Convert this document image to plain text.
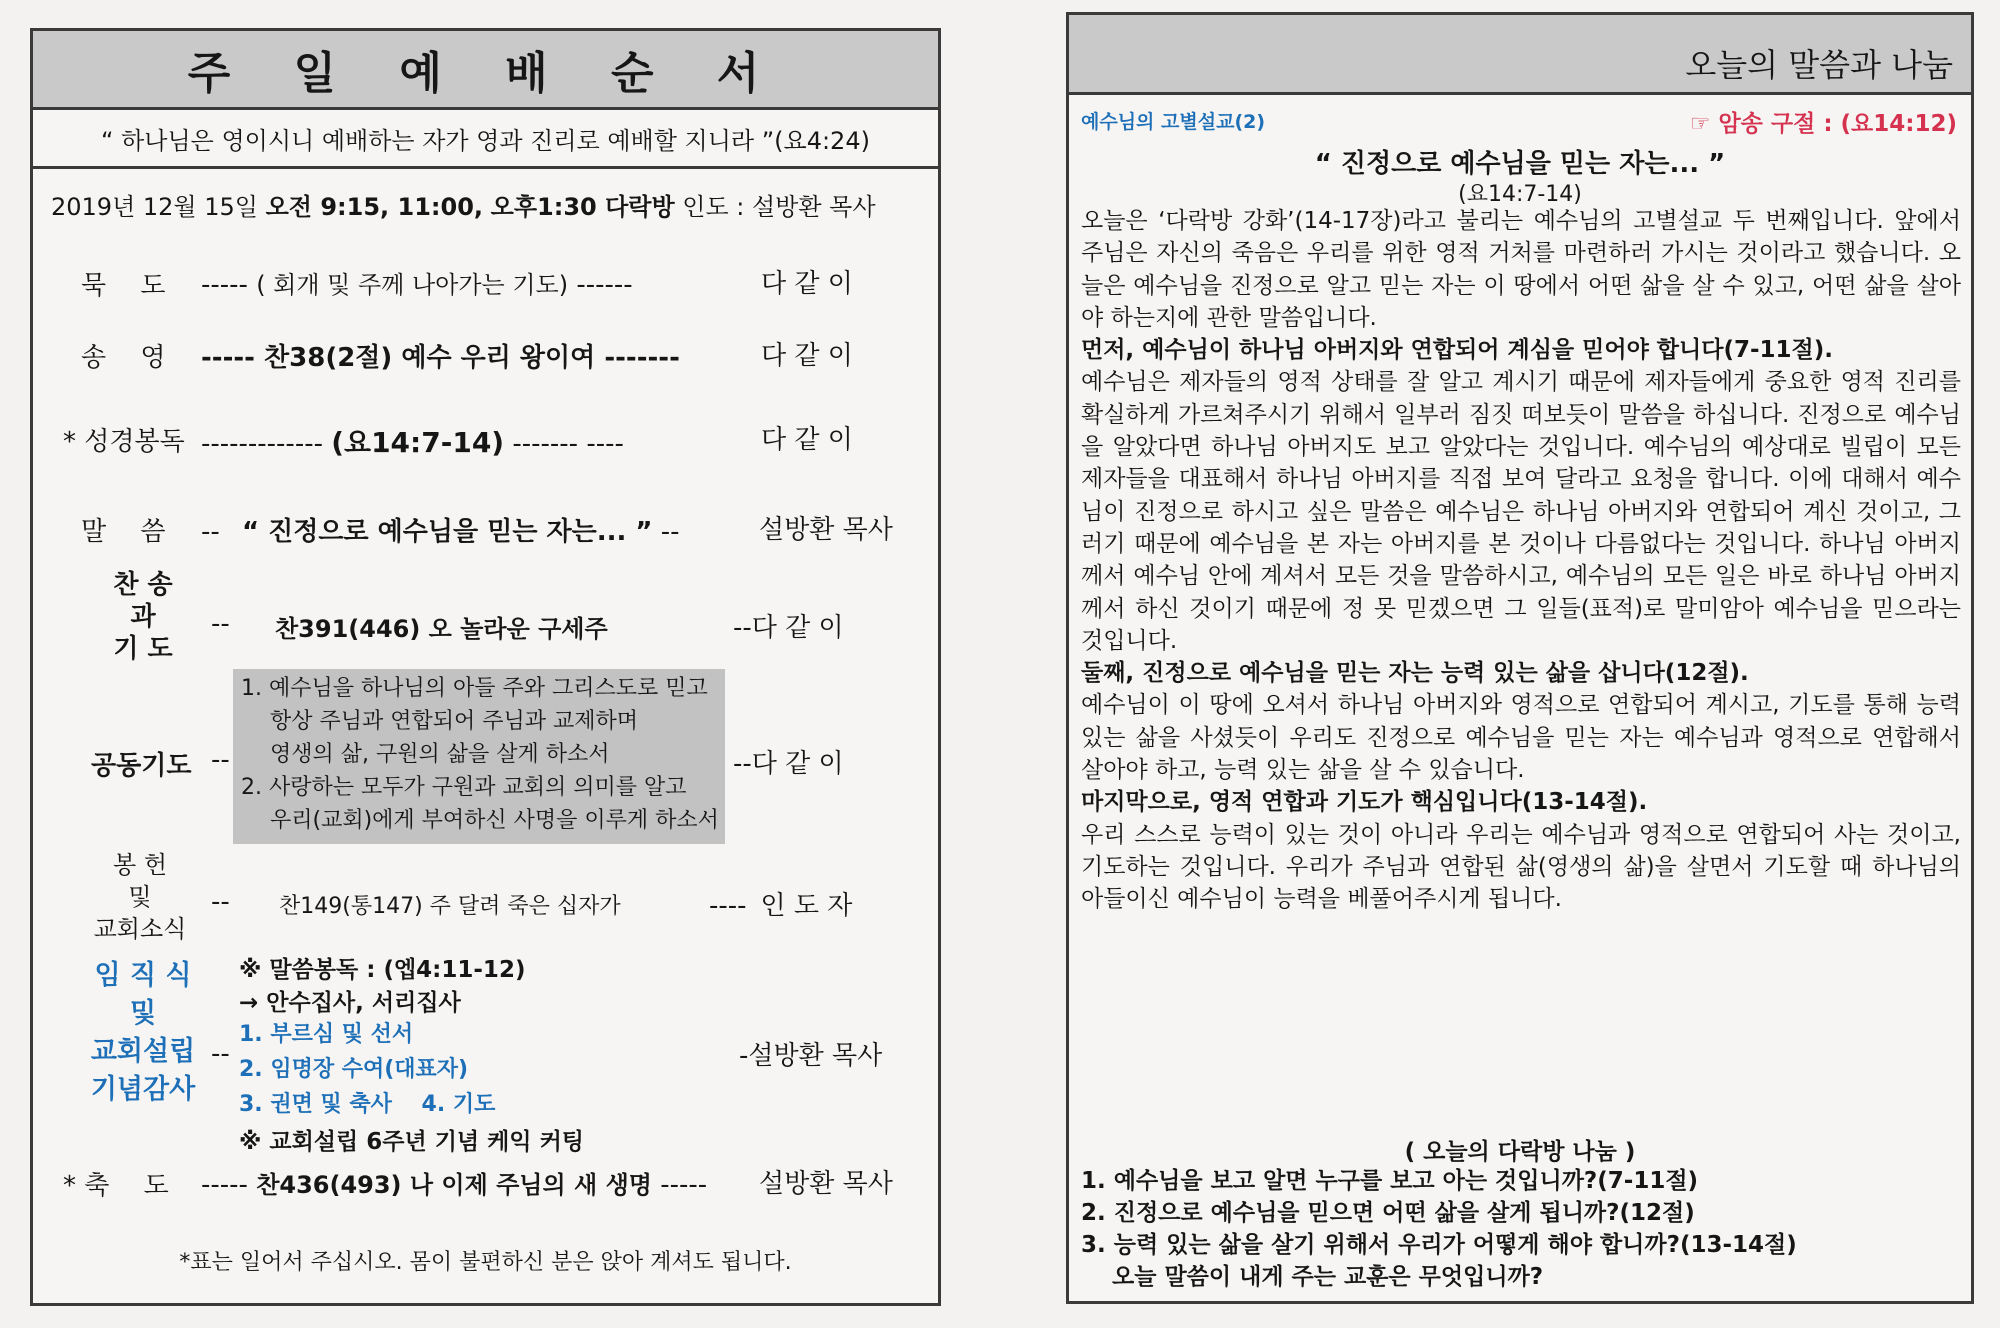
주 일 예 배 순 서
“ 하나님은 영이시니 예배하는 자가 영과 진리로 예배할 지니라 ”(요4:24)
2019년 12월 15일 오전 9:15, 11:00, 오후1:30 다락방 인도 : 설방환 목사
묵　 도 ----- ( 회개 및 주께 나아가는 기도) ------	다 같 이
송　 영 ----- 찬38(2절) 예수 우리 왕이여 -------	다 같 이
* 성경봉독 ------------- (요14:7-14) ------- ----	다 같 이
말　 씀 -- “ 진정으로 예수님을 믿는 자는... ” --	설방환 목사
찬 송
과
기 도
-- 찬391(446) 오 놀라운 구세주	--다 같 이
공동기도 --
1. 예수님을 하나님의 아들 주와 그리스도로 믿고
　 항상 주님과 연합되어 주님과 교제하며
　 영생의 삶, 구원의 삶을 살게 하소서
2. 사랑하는 모두가 구원과 교회의 의미를 알고
　 우리(교회)에게 부여하신 사명을 이루게 하소서
--다 같 이
봉 헌
및
교회소식
-- 찬149(통147) 주 달려 죽은 십자가	---- 인 도 자
임 직 식
및
교회설립
기념감사
--
※ 말씀봉독 : (엡4:11-12)
→ 안수집사, 서리집사
1. 부르심 및 선서
2. 임명장 수여(대표자)
3. 권면 및 축사　 4. 기도
※ 교회설립 6주년 기념 케익 커팅
-설방환 목사
* 축　 도 ----- 찬436(493) 나 이제 주님의 새 생명 ----- 설방환 목사
*표는 일어서 주십시오. 몸이 불편하신 분은 앉아 계셔도 됩니다.
오늘의 말씀과 나눔
예수님의 고별설교(2)	☞ 암송 구절 : (요14:12)
“ 진정으로 예수님을 믿는 자는... ”
(요14:7-14)

오늘은 ‘다락방 강화’(14-17장)라고 불리는 예수님의 고별설교 두 번째입니다. 앞에서 주님은 자신의 죽음은 우리를 위한 영적 거처를 마련하러 가시는 것이라고 했습니다. 오늘은 예수님을 진정으로 알고 믿는 자는 이 땅에서 어떤 삶을 살 수 있고, 어떤 삶을 살아야 하는지에 관한 말씀입니다.

먼저, 예수님이 하나님 아버지와 연합되어 계심을 믿어야 합니다(7-11절).

예수님은 제자들의 영적 상태를 잘 알고 계시기 때문에 제자들에게 중요한 영적 진리를 확실하게 가르쳐주시기 위해서 일부러 짐짓 떠보듯이 말씀을 하십니다. 진정으로 예수님을 알았다면 하나님 아버지도 보고 알았다는 것입니다. 예수님의 예상대로 빌립이 모든 제자들을 대표해서 하나님 아버지를 직접 보여 달라고 요청을 합니다. 이에 대해서 예수님이 진정으로 하시고 싶은 말씀은 예수님은 하나님 아버지와 연합되어 계신 것이고, 그러기 때문에 예수님을 본 자는 아버지를 본 것이나 다름없다는 것입니다. 하나님 아버지께서 예수님 안에 계셔서 모든 것을 말씀하시고, 예수님의 모든 일은 바로 하나님 아버지께서 하신 것이기 때문에 정 못 믿겠으면 그 일들(표적)로 말미암아 예수님을 믿으라는 것입니다.

둘째, 진정으로 예수님을 믿는 자는 능력 있는 삶을 삽니다(12절).

예수님이 이 땅에 오셔서 하나님 아버지와 영적으로 연합되어 계시고, 기도를 통해 능력 있는 삶을 사셨듯이 우리도 진정으로 예수님을 믿는 자는 예수님과 영적으로 연합해서 살아야 하고, 능력 있는 삶을 살 수 있습니다.

마지막으로, 영적 연합과 기도가 핵심입니다(13-14절).

우리 스스로 능력이 있는 것이 아니라 우리는 예수님과 영적으로 연합되어 사는 것이고, 기도하는 것입니다. 우리가 주님과 연합된 삶(영생의 삶)을 살면서 기도할 때 하나님의 아들이신 예수님이 능력을 베풀어주시게 됩니다.

( 오늘의 다락방 나눔 )
1. 예수님을 보고 알면 누구를 보고 아는 것입니까?(7-11절)
2. 진정으로 예수님을 믿으면 어떤 삶을 살게 됩니까?(12절)
3. 능력 있는 삶을 살기 위해서 우리가 어떻게 해야 합니까?(13-14절)
　 오늘 말씀이 내게 주는 교훈은 무엇입니까?
